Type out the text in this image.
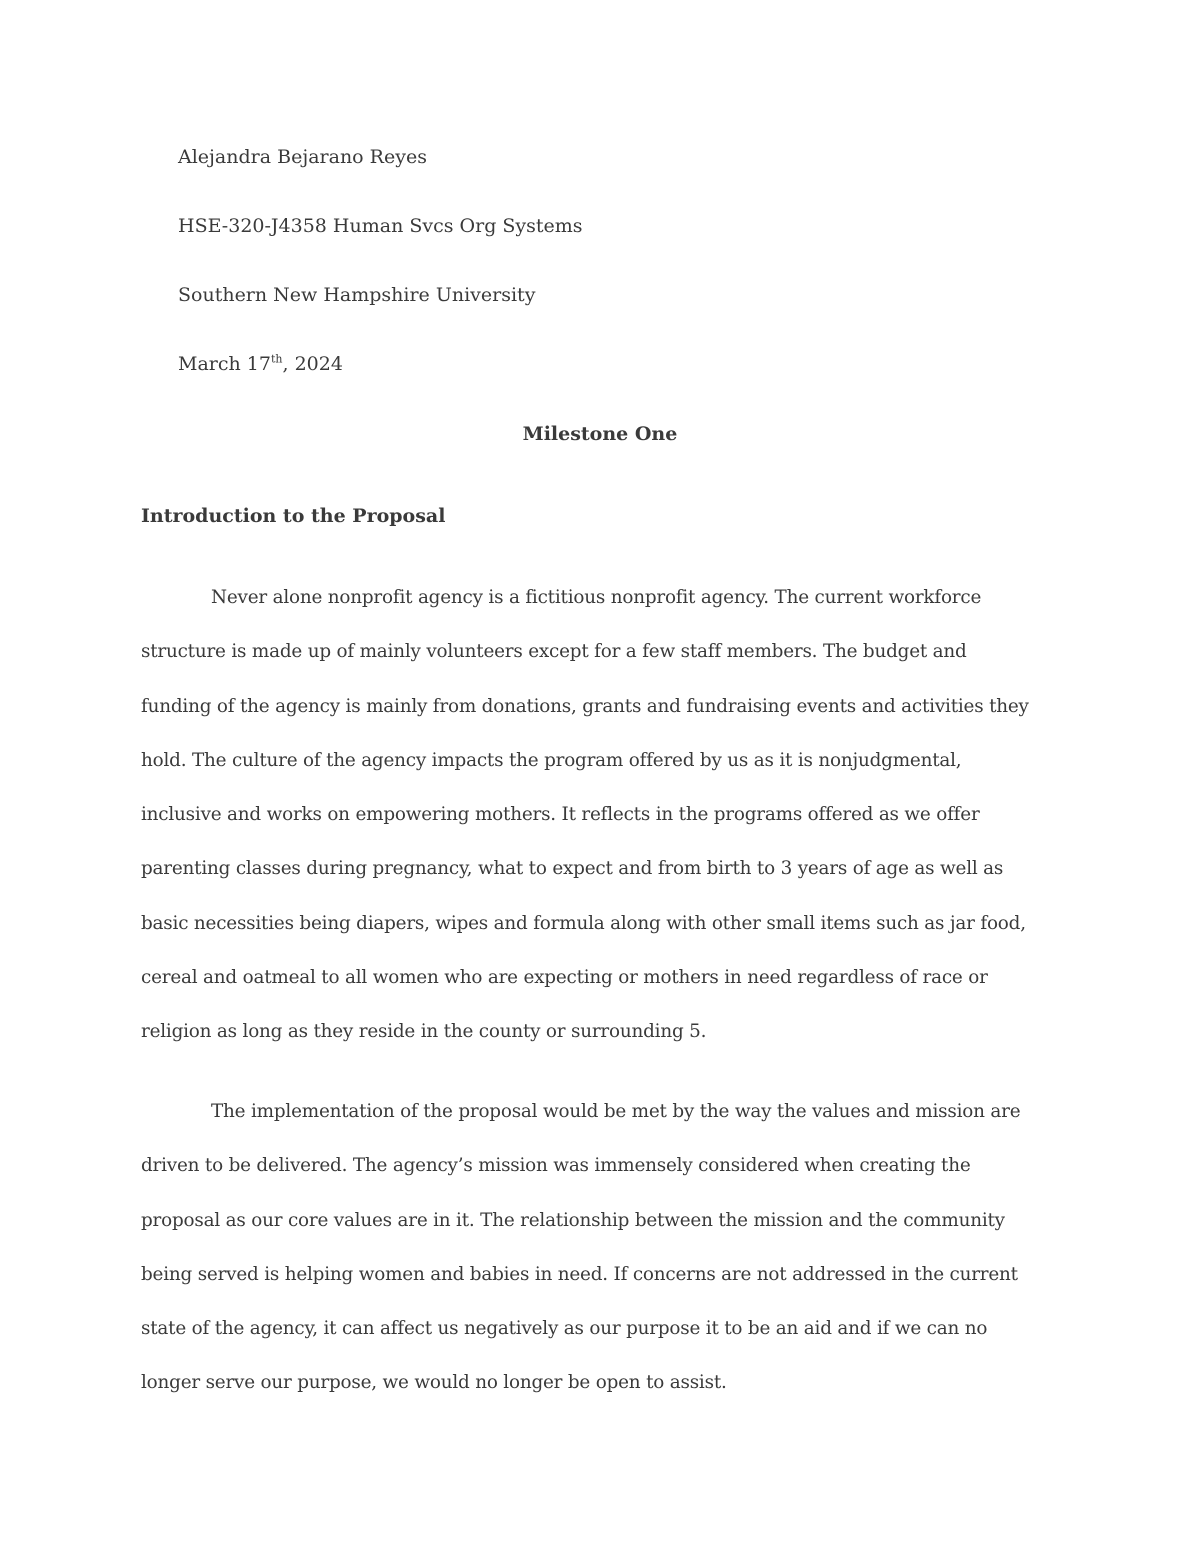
Alejandra Bejarano Reyes
HSE-320-J4358 Human Svcs Org Systems
Southern New Hampshire University
March 17th, 2024
Milestone One
Introduction to the Proposal
Never alone nonprofit agency is a fictitious nonprofit agency. The current workforce
structure is made up of mainly volunteers except for a few staff members. The budget and
funding of the agency is mainly from donations, grants and fundraising events and activities they
hold. The culture of the agency impacts the program offered by us as it is nonjudgmental,
inclusive and works on empowering mothers. It reflects in the programs offered as we offer
parenting classes during pregnancy, what to expect and from birth to 3 years of age as well as
basic necessities being diapers, wipes and formula along with other small items such as jar food,
cereal and oatmeal to all women who are expecting or mothers in need regardless of race or
religion as long as they reside in the county or surrounding 5.
The implementation of the proposal would be met by the way the values and mission are
driven to be delivered. The agency’s mission was immensely considered when creating the
proposal as our core values are in it. The relationship between the mission and the community
being served is helping women and babies in need. If concerns are not addressed in the current
state of the agency, it can affect us negatively as our purpose it to be an aid and if we can no
longer serve our purpose, we would no longer be open to assist.
